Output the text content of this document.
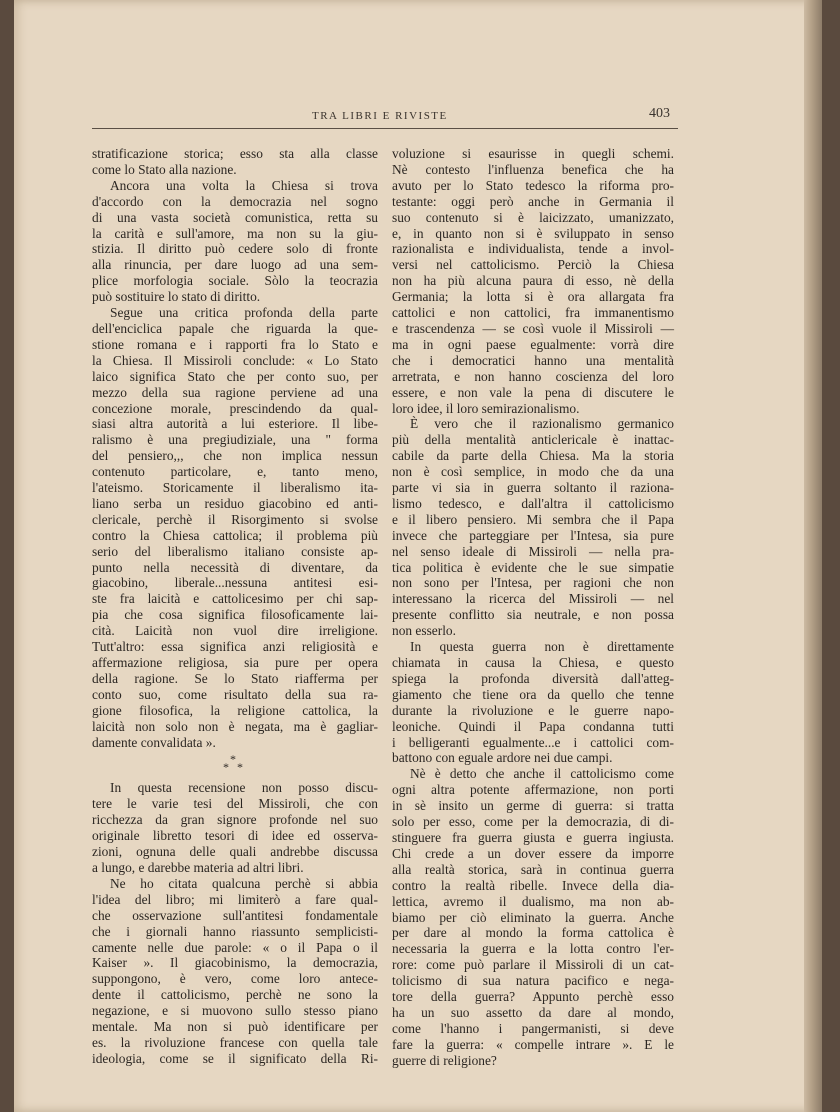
TRA LIBRI E RIVISTE	403
stratificazione storica; esso sta alla classe
come lo Stato alla nazione.
Ancora una volta la Chiesa si trova
d'accordo con la democrazia nel sogno
di una vasta società comunistica, retta su
la carità e sull'amore, ma non su la giu-
stizia. Il diritto può cedere solo di fronte
alla rinuncia, per dare luogo ad una sem-
plice morfologia sociale. Sòlo la teocrazia
può sostituire lo stato di diritto.
Segue una critica profonda della parte
dell'enciclica papale che riguarda la que-
stione romana e i rapporti fra lo Stato e
la Chiesa. Il Missiroli conclude: « Lo Stato
laico significa Stato che per conto suo, per
mezzo della sua ragione perviene ad una
concezione morale, prescindendo da qual-
siasi altra autorità a lui esteriore. Il libe-
ralismo è una pregiudiziale, una " forma
del pensiero,,, che non implica nessun
contenuto particolare, e, tanto meno,
l'ateismo. Storicamente il liberalismo ita-
liano serba un residuo giacobino ed anti-
clericale, perchè il Risorgimento si svolse
contro la Chiesa cattolica; il problema più
serio del liberalismo italiano consiste ap-
punto nella necessità di diventare, da
giacobino, liberale...nessuna antitesi esi-
ste fra laicità e cattolicesimo per chi sap-
pia che cosa significa filosoficamente lai-
cità. Laicità non vuol dire irreligione.
Tutt'altro: essa significa anzi religiosità e
affermazione religiosa, sia pure per opera
della ragione. Se lo Stato riafferma per
conto suo, come risultato della sua ra-
gione filosofica, la religione cattolica, la
laicità non solo non è negata, ma è gagliar-
damente convalidata ».
*
* *
In questa recensione non posso discu-
tere le varie tesi del Missiroli, che con
ricchezza da gran signore profonde nel suo
originale libretto tesori di idee ed osserva-
zioni, ognuna delle quali andrebbe discussa
a lungo, e darebbe materia ad altri libri.
Ne ho citata qualcuna perchè si abbia
l'idea del libro; mi limiterò a fare qual-
che osservazione sull'antitesi fondamentale
che i giornali hanno riassunto semplicisti-
camente nelle due parole: « o il Papa o il
Kaiser ». Il giacobinismo, la democrazia,
suppongono, è vero, come loro antece-
dente il cattolicismo, perchè ne sono la
negazione, e si muovono sullo stesso piano
mentale. Ma non si può identificare per
es. la rivoluzione francese con quella tale
ideologia, come se il significato della Ri-
voluzione si esaurisse in quegli schemi.
Nè contesto l'influenza benefica che ha
avuto per lo Stato tedesco la riforma pro-
testante: oggi però anche in Germania il
suo contenuto si è laicizzato, umanizzato,
e, in quanto non si è sviluppato in senso
razionalista e individualista, tende a invol-
versi nel cattolicismo. Perciò la Chiesa
non ha più alcuna paura di esso, nè della
Germania; la lotta si è ora allargata fra
cattolici e non cattolici, fra immanentismo
e trascendenza — se così vuole il Missiroli —
ma in ogni paese egualmente: vorrà dire
che i democratici hanno una mentalità
arretrata, e non hanno coscienza del loro
essere, e non vale la pena di discutere le
loro idee, il loro semirazionalismo.
È vero che il razionalismo germanico
più della mentalità anticlericale è inattac-
cabile da parte della Chiesa. Ma la storia
non è così semplice, in modo che da una
parte vi sia in guerra soltanto il raziona-
lismo tedesco, e dall'altra il cattolicismo
e il libero pensiero. Mi sembra che il Papa
invece che parteggiare per l'Intesa, sia pure
nel senso ideale di Missiroli — nella pra-
tica politica è evidente che le sue simpatie
non sono per l'Intesa, per ragioni che non
interessano la ricerca del Missiroli — nel
presente conflitto sia neutrale, e non possa
non esserlo.
In questa guerra non è direttamente
chiamata in causa la Chiesa, e questo
spiega la profonda diversità dall'atteg-
giamento che tiene ora da quello che tenne
durante la rivoluzione e le guerre napo-
leoniche. Quindi il Papa condanna tutti
i belligeranti egualmente...e i cattolici com-
battono con eguale ardore nei due campi.
Nè è detto che anche il cattolicismo come
ogni altra potente affermazione, non porti
in sè insito un germe di guerra: si tratta
solo per esso, come per la democrazia, di di-
stinguere fra guerra giusta e guerra ingiusta.
Chi crede a un dover essere da imporre
alla realtà storica, sarà in continua guerra
contro la realtà ribelle. Invece della dia-
lettica, avremo il dualismo, ma non ab-
biamo per ciò eliminato la guerra. Anche
per dare al mondo la forma cattolica è
necessaria la guerra e la lotta contro l'er-
rore: come può parlare il Missiroli di un cat-
tolicismo di sua natura pacifico e nega-
tore della guerra? Appunto perchè esso
ha un suo assetto da dare al mondo,
come l'hanno i pangermanisti, si deve
fare la guerra: « compelle intrare ». E le
guerre di religione?
